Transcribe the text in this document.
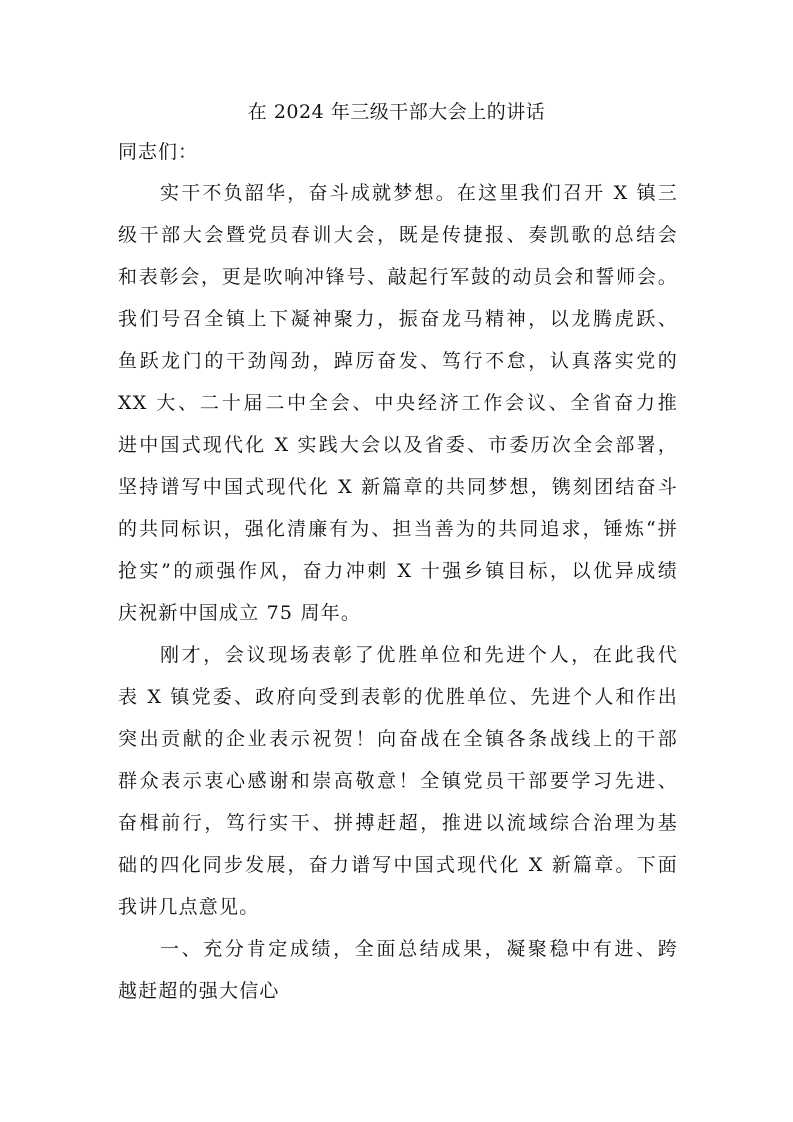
在 2024 年三级干部大会上的讲话
同志们：
实干不负韶华，奋斗成就梦想。在这里我们召开 X 镇三
级干部大会暨党员春训大会，既是传捷报、奏凯歌的总结会
和表彰会，更是吹响冲锋号、敲起行军鼓的动员会和誓师会。
我们号召全镇上下凝神聚力，振奋龙马精神，以龙腾虎跃、
鱼跃龙门的干劲闯劲，踔厉奋发、笃行不怠，认真落实党的
XX 大、二十届二中全会、中央经济工作会议、全省奋力推
进中国式现代化 X 实践大会以及省委、市委历次全会部署，
坚持谱写中国式现代化 X 新篇章的共同梦想，镌刻团结奋斗
的共同标识，强化清廉有为、担当善为的共同追求，锤炼“拼
抢实”的顽强作风，奋力冲刺 X 十强乡镇目标，以优异成绩
庆祝新中国成立 75 周年。
刚才，会议现场表彰了优胜单位和先进个人，在此我代
表 X 镇党委、政府向受到表彰的优胜单位、先进个人和作出
突出贡献的企业表示祝贺！向奋战在全镇各条战线上的干部
群众表示衷心感谢和崇高敬意！全镇党员干部要学习先进、
奋楫前行，笃行实干、拼搏赶超，推进以流域综合治理为基
础的四化同步发展，奋力谱写中国式现代化 X 新篇章。下面
我讲几点意见。
一、充分肯定成绩，全面总结成果，凝聚稳中有进、跨
越赶超的强大信心
